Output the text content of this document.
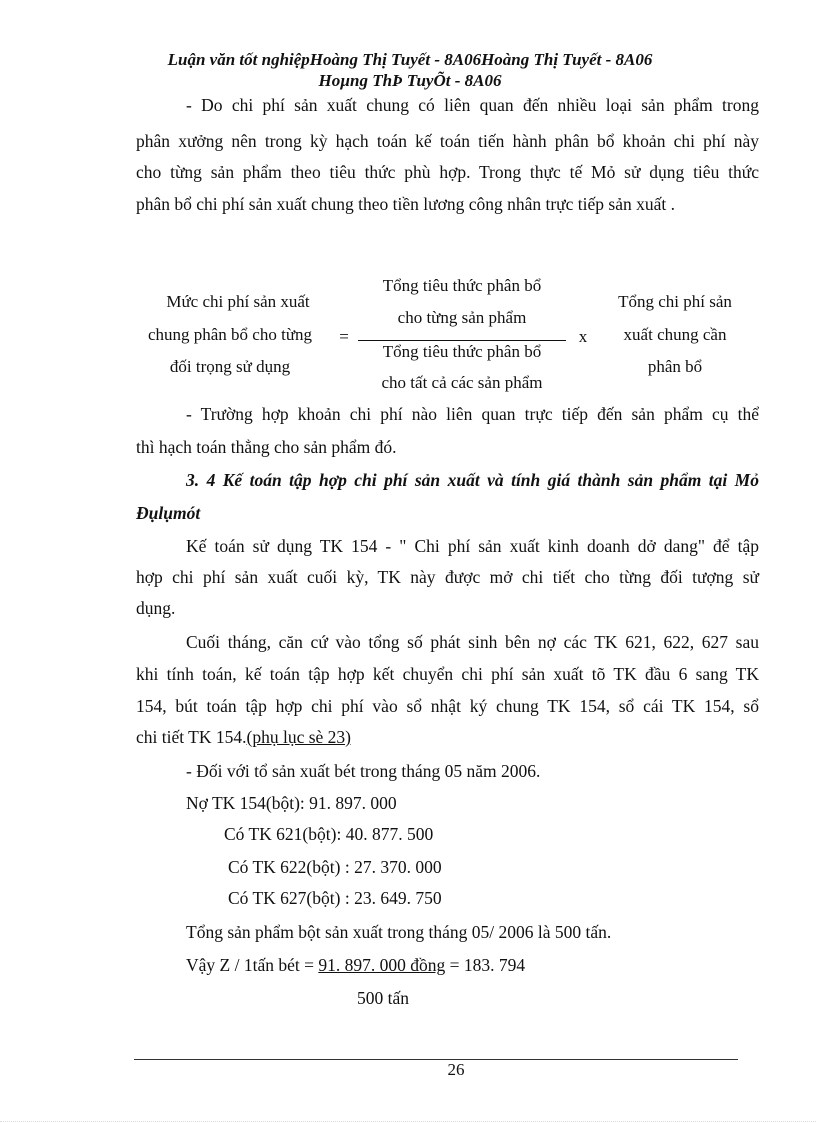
Luận văn tốt nghiệpHoàng Thị Tuyết - 8A06Hoàng Thị Tuyết - 8A06
Hoµng ThÞ TuyÕt - 8A06
- Do chi phí sản xuất chung có liên quan đến nhiều loại sản phẩm trong
phân xưởng nên trong kỳ hạch toán kế toán tiến hành phân bổ khoản chi phí này
cho từng sản phẩm theo tiêu thức phù hợp. Trong thực tế Mỏ sử dụng tiêu thức
phân bổ chi phí sản xuất chung theo tiền lương công nhân trực tiếp sản xuất .
Mức chi phí sản xuất
chung phân bổ cho từng
đối trọng sử dụng
=
Tổng tiêu thức phân bổ
cho từng sản phẩm
Tổng tiêu thức phân bổ
cho tất cả các sản phẩm
x
Tổng chi phí sản
xuất chung cần
phân bổ
- Trường hợp khoản chi phí nào liên quan trực tiếp đến sản phẩm cụ thể
thì hạch toán thẳng cho sản phẩm đó.
3. 4 Kế toán tập hợp chi phí sản xuất và tính giá thành sản phẩm tại Mỏ
Đụlụmót
Kế toán sử dụng TK 154 - " Chi phí sản xuất kinh doanh dở dang" để tập
hợp chi phí sản xuất cuối kỳ, TK này được mở chi tiết cho từng đối tượng sử
dụng.
Cuối tháng, căn cứ vào tổng số phát sinh bên nợ các TK 621, 622, 627 sau
khi tính toán, kế toán tập hợp kết chuyển chi phí sản xuất tõ TK đầu 6 sang TK
154, bút toán tập hợp chi phí vào sổ nhật ký chung TK 154, sổ cái TK 154, sổ
chi tiết TK 154.(phụ lục sè 23)
- Đối với tổ sản xuất bét trong tháng 05 năm 2006.
Nợ TK 154(bột): 91. 897. 000
Có TK 621(bột): 40. 877. 500
Có TK 622(bột) : 27. 370. 000
Có TK 627(bột) : 23. 649. 750
Tổng sản phẩm bột sản xuất trong tháng 05/ 2006 là 500 tấn.
Vậy Z / 1tấn bét = 91. 897. 000 đồng = 183. 794
500 tấn
26
